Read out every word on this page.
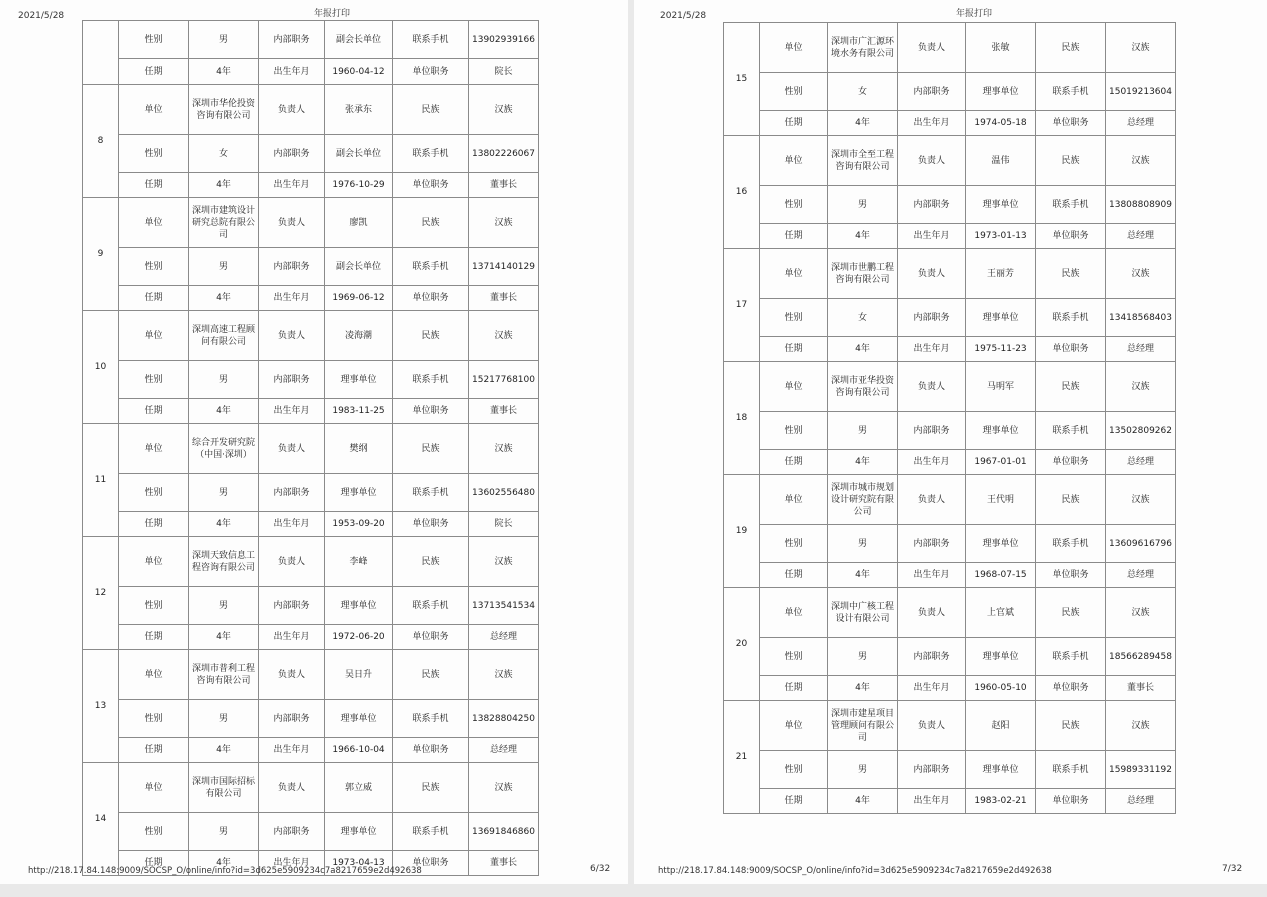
2021/5/28	年报打印
	性别	男	内部职务	副会长单位	联系手机	13902939166
	任期	4年	出生年月	1960-04-12	单位职务	院长
8	单位	深圳市华伦投资咨询有限公司	负责人	张承东	民族	汉族
	性别	女	内部职务	副会长单位	联系手机	13802226067
	任期	4年	出生年月	1976-10-29	单位职务	董事长
9	单位	深圳市建筑设计研究总院有限公司	负责人	廖凯	民族	汉族
	性别	男	内部职务	副会长单位	联系手机	13714140129
	任期	4年	出生年月	1969-06-12	单位职务	董事长
10	单位	深圳高速工程顾问有限公司	负责人	凌海潮	民族	汉族
	性别	男	内部职务	理事单位	联系手机	15217768100
	任期	4年	出生年月	1983-11-25	单位职务	董事长
11	单位	综合开发研究院（中国·深圳）	负责人	樊纲	民族	汉族
	性别	男	内部职务	理事单位	联系手机	13602556480
	任期	4年	出生年月	1953-09-20	单位职务	院长
12	单位	深圳天致信息工程咨询有限公司	负责人	李峰	民族	汉族
	性别	男	内部职务	理事单位	联系手机	13713541534
	任期	4年	出生年月	1972-06-20	单位职务	总经理
13	单位	深圳市普利工程咨询有限公司	负责人	吴日升	民族	汉族
	性别	男	内部职务	理事单位	联系手机	13828804250
	任期	4年	出生年月	1966-10-04	单位职务	总经理
14	单位	深圳市国际招标有限公司	负责人	郭立威	民族	汉族
	性别	男	内部职务	理事单位	联系手机	13691846860
	任期	4年	出生年月	1973-04-13	单位职务	董事长
http://218.17.84.148:9009/SOCSP_O/online/info?id=3d625e5909234c7a8217659e2d492638	6/32
2021/5/28	年报打印
15	单位	深圳市广汇源环境水务有限公司	负责人	张敏	民族	汉族
	性别	女	内部职务	理事单位	联系手机	15019213604
	任期	4年	出生年月	1974-05-18	单位职务	总经理
16	单位	深圳市全至工程咨询有限公司	负责人	温伟	民族	汉族
	性别	男	内部职务	理事单位	联系手机	13808808909
	任期	4年	出生年月	1973-01-13	单位职务	总经理
17	单位	深圳市世鹏工程咨询有限公司	负责人	王丽芳	民族	汉族
	性别	女	内部职务	理事单位	联系手机	13418568403
	任期	4年	出生年月	1975-11-23	单位职务	总经理
18	单位	深圳市亚华投资咨询有限公司	负责人	马明军	民族	汉族
	性别	男	内部职务	理事单位	联系手机	13502809262
	任期	4年	出生年月	1967-01-01	单位职务	总经理
19	单位	深圳市城市规划设计研究院有限公司	负责人	王代明	民族	汉族
	性别	男	内部职务	理事单位	联系手机	13609616796
	任期	4年	出生年月	1968-07-15	单位职务	总经理
20	单位	深圳中广核工程设计有限公司	负责人	上官斌	民族	汉族
	性别	男	内部职务	理事单位	联系手机	18566289458
	任期	4年	出生年月	1960-05-10	单位职务	董事长
21	单位	深圳市建星项目管理顾问有限公司	负责人	赵阳	民族	汉族
	性别	男	内部职务	理事单位	联系手机	15989331192
	任期	4年	出生年月	1983-02-21	单位职务	总经理
http://218.17.84.148:9009/SOCSP_O/online/info?id=3d625e5909234c7a8217659e2d492638	7/32
